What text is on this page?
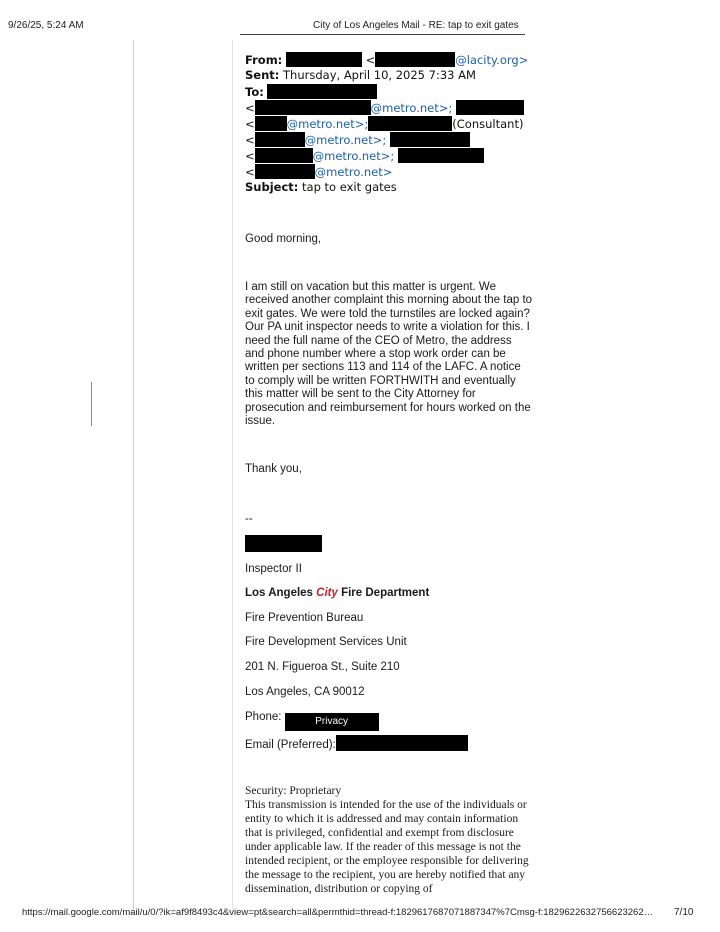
9/26/25, 5:24 AM	City of Los Angeles Mail - RE: tap to exit gates
From:	<	@lacity.org>
Sent: Thursday, April 10, 2025 7:33 AM
To:
<	@metro.net>;
<	@metro.net>;	(Consultant)
<	@metro.net>;
<	@metro.net>;
<	@metro.net>
Subject: tap to exit gates
Good morning,
I am still on vacation but this matter is urgent. We received another complaint this morning about the tap to exit gates. We were told the turnstiles are locked again? Our PA unit inspector needs to write a violation for this. I need the full name of the CEO of Metro, the address and phone number where a stop work order can be written per sections 113 and 114 of the LAFC. A notice to comply will be written FORTHWITH and eventually this matter will be sent to the City Attorney for prosecution and reimbursement for hours worked on the issue.
Thank you,
--
Inspector II
Los Angeles City Fire Department
Fire Prevention Bureau
Fire Development Services Unit
201 N. Figueroa St., Suite 210
Los Angeles, CA 90012
Phone:	Privacy
Email (Preferred):
Security: Proprietary
This transmission is intended for the use of the individuals or entity to which it is addressed and may contain information that is privileged, confidential and exempt from disclosure under applicable law. If the reader of this message is not the intended recipient, or the employee responsible for delivering the message to the recipient, you are hereby notified that any dissemination, distribution or copying of
https://mail.google.com/mail/u/0/?ik=af9f8493c4&view=pt&search=all&permthid=thread-f:1829617687071887347%7Cmsg-f:1829622632756623262…	7/10
